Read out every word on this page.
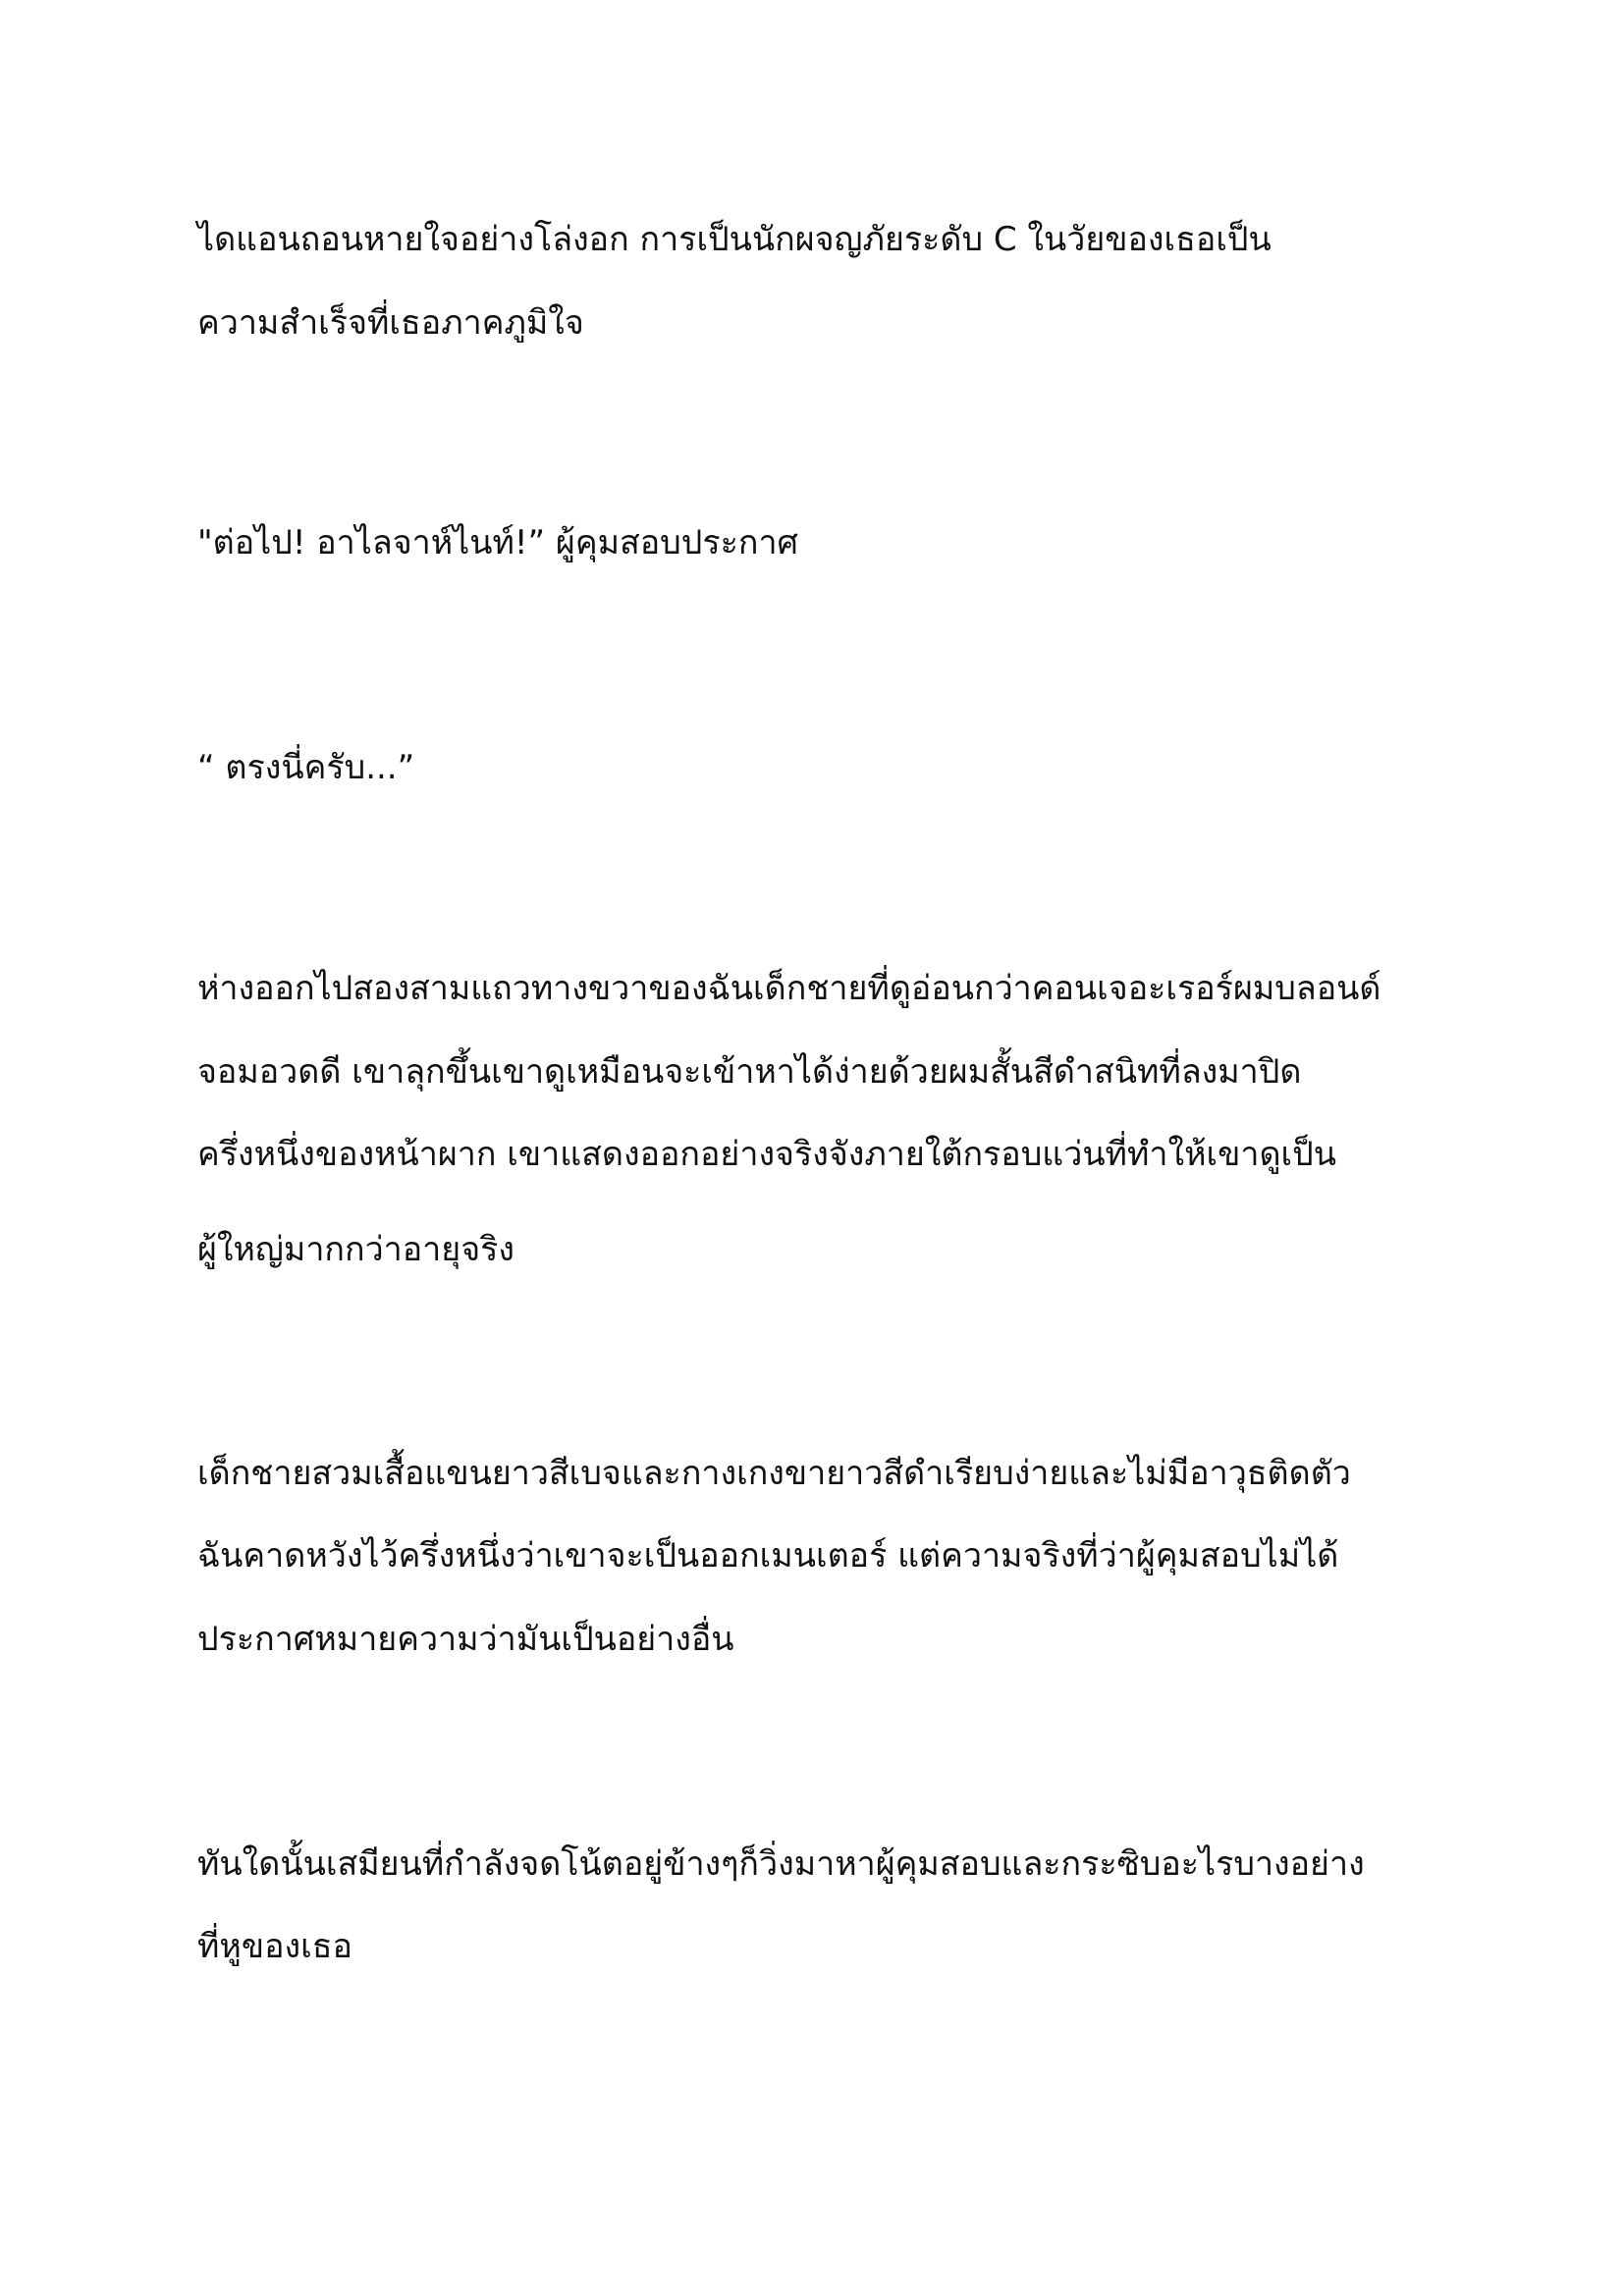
ไดแอนถอนหายใจอย่างโล่งอก การเป็นนักผจญภัยระดับ C ในวัยของเธอเป็น
ความสำเร็จที่เธอภาคภูมิใจ
"ต่อไป! อาไลจาห์ไนท์!” ผู้คุมสอบประกาศ
“ ตรงนี่ครับ...”
ห่างออกไปสองสามแถวทางขวาของฉันเด็กชายที่ดูอ่อนกว่าคอนเจอะเรอร์ผมบลอนด์
จอมอวดดี เขาลุกขึ้นเขาดูเหมือนจะเข้าหาได้ง่ายด้วยผมสั้นสีดำสนิทที่ลงมาปิด
ครึ่งหนึ่งของหน้าผาก เขาแสดงออกอย่างจริงจังภายใต้กรอบแว่นที่ทำให้เขาดูเป็น
ผู้ใหญ่มากกว่าอายุจริง
เด็กชายสวมเสื้อแขนยาวสีเบจและกางเกงขายาวสีดำเรียบง่ายและไม่มีอาวุธติดตัว
ฉันคาดหวังไว้ครึ่งหนึ่งว่าเขาจะเป็นออกเมนเตอร์ แต่ความจริงที่ว่าผู้คุมสอบไม่ได้
ประกาศหมายความว่ามันเป็นอย่างอื่น
ทันใดนั้นเสมียนที่กำลังจดโน้ตอยู่ข้างๆก็วิ่งมาหาผู้คุมสอบและกระซิบอะไรบางอย่าง
ที่หูของเธอ
